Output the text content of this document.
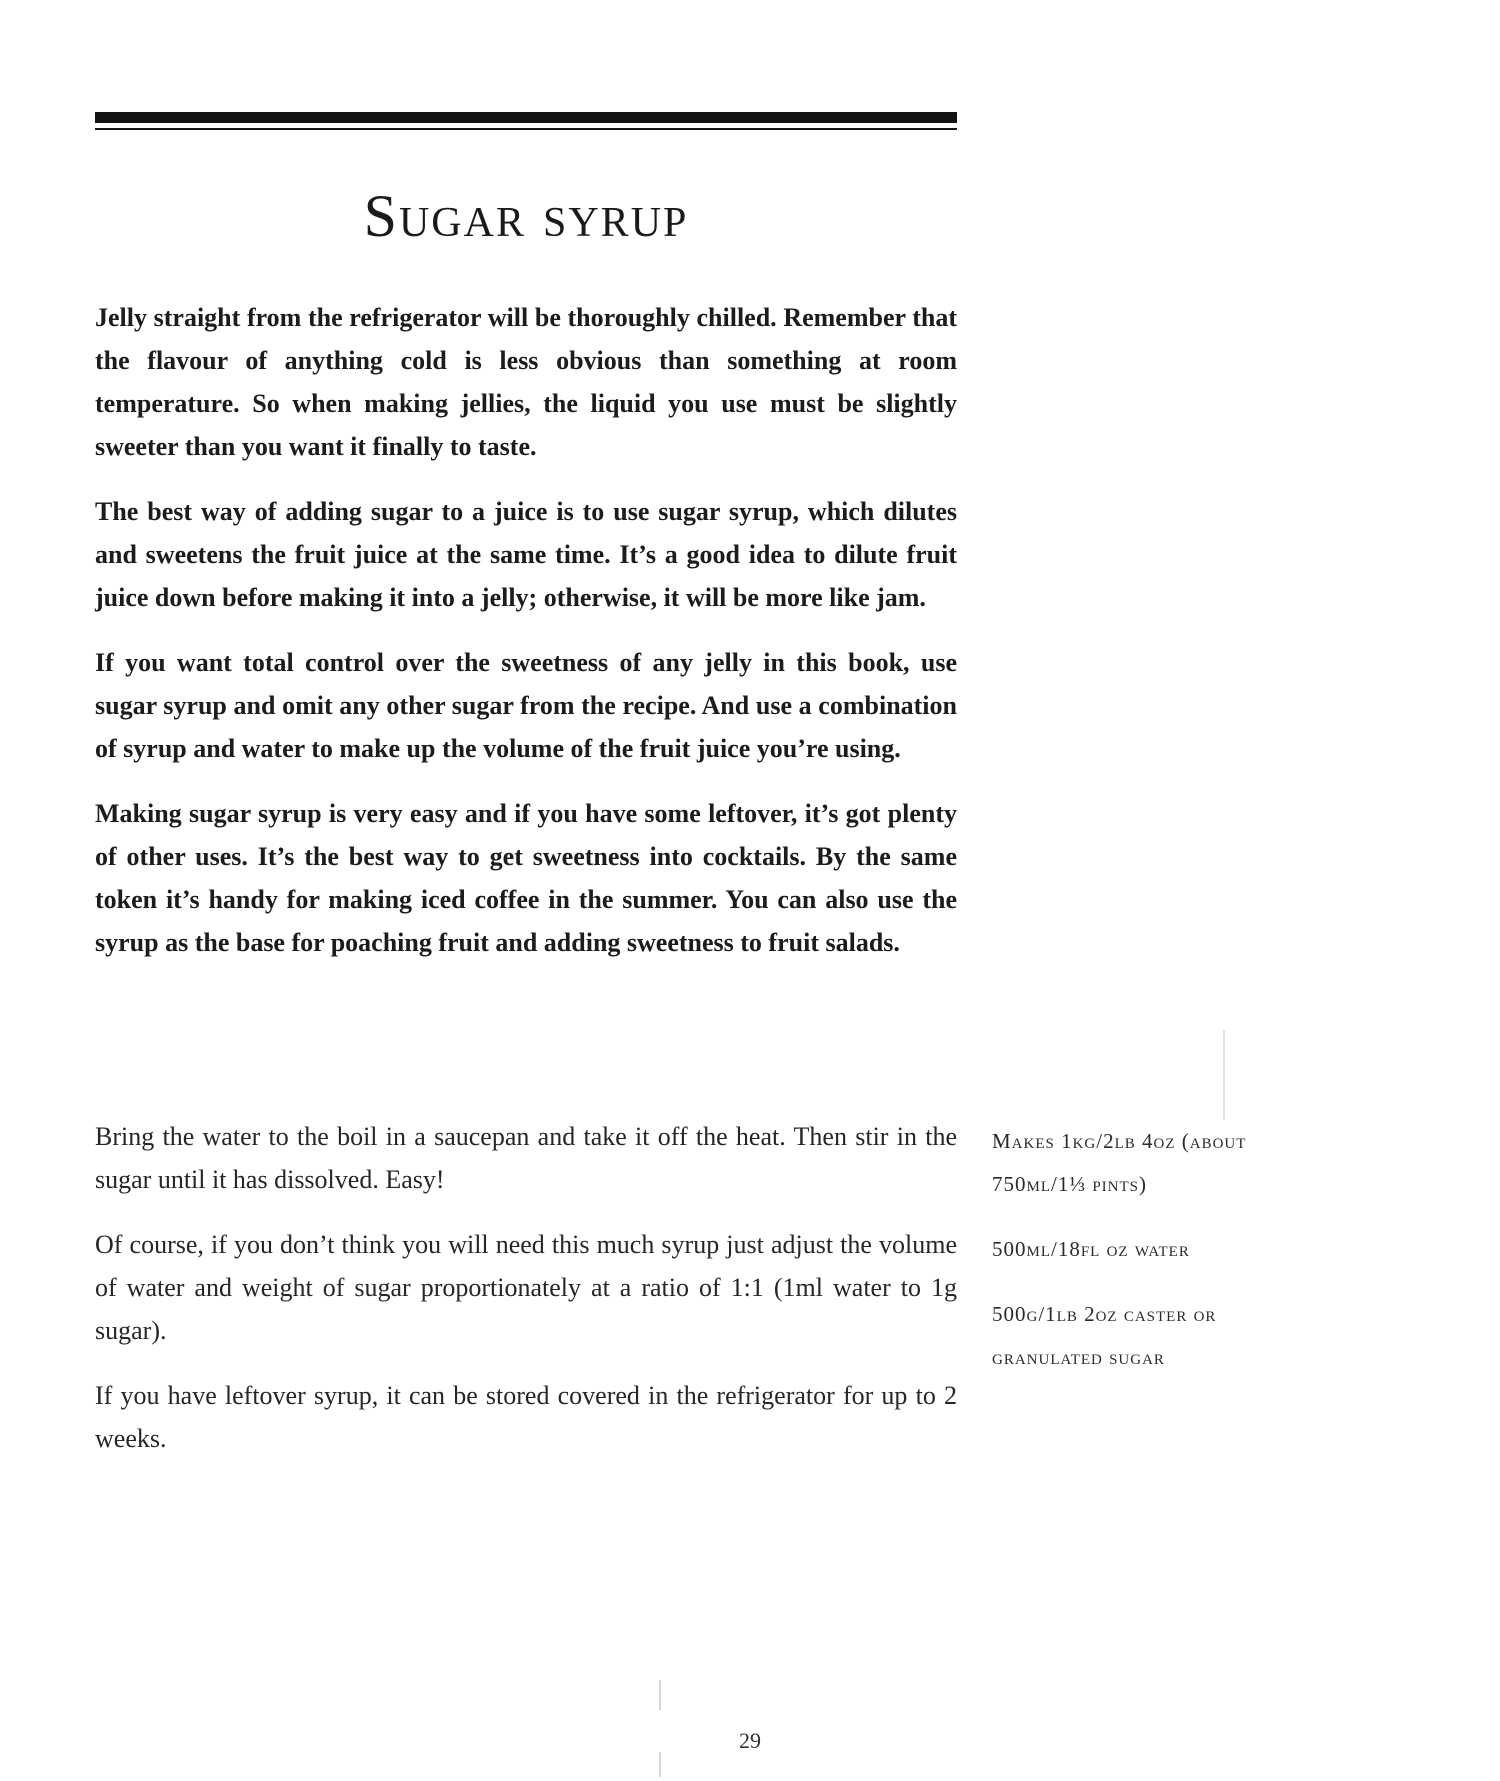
Sugar syrup

Jelly straight from the refrigerator will be thoroughly chilled. Remember that the flavour of anything cold is less obvious than something at room temperature. So when making jellies, the liquid you use must be slightly sweeter than you want it finally to taste.

The best way of adding sugar to a juice is to use sugar syrup, which dilutes and sweetens the fruit juice at the same time. It’s a good idea to dilute fruit juice down before making it into a jelly; otherwise, it will be more like jam.

If you want total control over the sweetness of any jelly in this book, use sugar syrup and omit any other sugar from the recipe. And use a combination of syrup and water to make up the volume of the fruit juice you’re using.

Making sugar syrup is very easy and if you have some leftover, it’s got plenty of other uses. It’s the best way to get sweetness into cocktails. By the same token it’s handy for making iced coffee in the summer. You can also use the syrup as the base for poaching fruit and adding sweetness to fruit salads.

Bring the water to the boil in a saucepan and take it off the heat. Then stir in the sugar until it has dissolved. Easy!

Of course, if you don’t think you will need this much syrup just adjust the volume of water and weight of sugar proportionately at a ratio of 1:1 (1ml water to 1g sugar).

If you have leftover syrup, it can be stored covered in the refrigerator for up to 2 weeks.

Makes 1kg/2lb 4oz (about 750ml/1⅓ pints)
500ml/18fl oz water
500g/1lb 2oz caster or granulated sugar
29
